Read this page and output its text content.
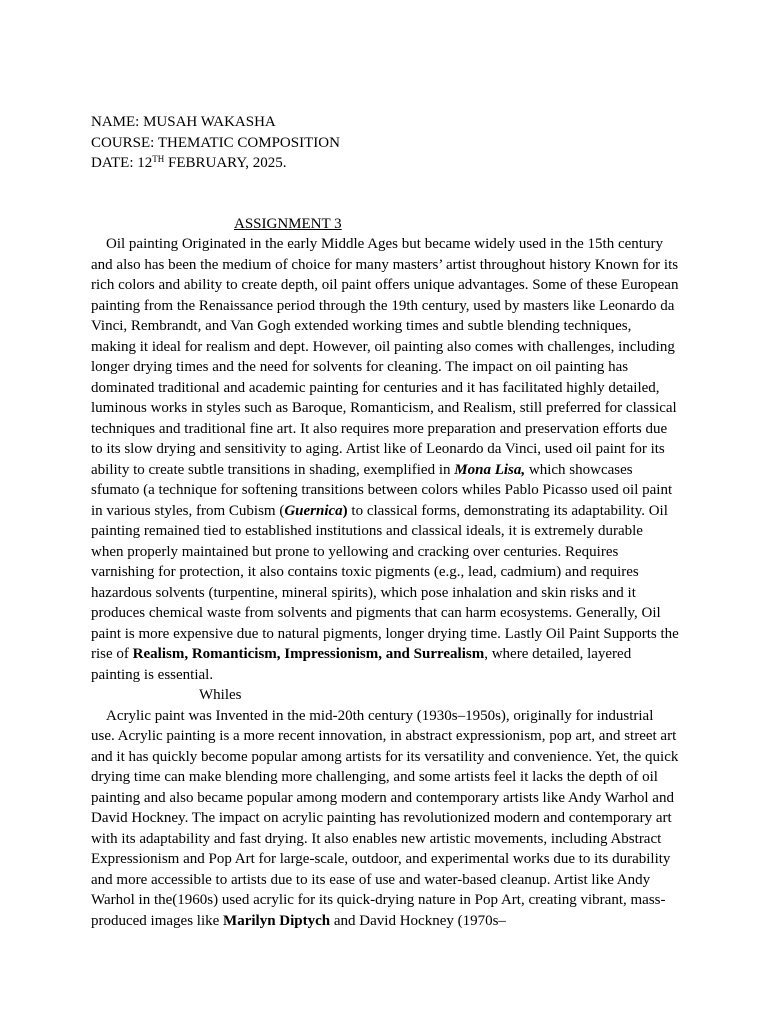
NAME: MUSAH WAKASHA

COURSE: THEMATIC COMPOSITION

DATE: 12TH FEBRUARY, 2025.

ASSIGNMENT 3

Oil painting Originated in the early Middle Ages but became widely used in the 15th century and also has been the medium of choice for many masters’ artist throughout history Known for its rich colors and ability to create depth, oil paint offers unique advantages. Some of these European painting from the Renaissance period through the 19th century, used by masters like Leonardo da Vinci, Rembrandt, and Van Gogh extended working times and subtle blending techniques, making it ideal for realism and dept. However, oil painting also comes with challenges, including longer drying times and the need for solvents for cleaning. The impact on oil painting has dominated traditional and academic painting for centuries and it has facilitated highly detailed, luminous works in styles such as Baroque, Romanticism, and Realism, still preferred for classical techniques and traditional fine art. It also requires more preparation and preservation efforts due to its slow drying and sensitivity to aging. Artist like of Leonardo da Vinci, used oil paint for its ability to create subtle transitions in shading, exemplified in Mona Lisa, which showcases sfumato (a technique for softening transitions between colors whiles Pablo Picasso used oil paint in various styles, from Cubism (Guernica) to classical forms, demonstrating its adaptability. Oil painting remained tied to established institutions and classical ideals, it is extremely durable when properly maintained but prone to yellowing and cracking over centuries. Requires varnishing for protection, it also contains toxic pigments (e.g., lead, cadmium) and requires hazardous solvents (turpentine, mineral spirits), which pose inhalation and skin risks and it produces chemical waste from solvents and pigments that can harm ecosystems. Generally, Oil paint is more expensive due to natural pigments, longer drying time. Lastly Oil Paint Supports the rise of Realism, Romanticism, Impressionism, and Surrealism, where detailed, layered painting is essential.

Whiles

Acrylic paint was Invented in the mid-20th century (1930s–1950s), originally for industrial use. Acrylic painting is a more recent innovation, in abstract expressionism, pop art, and street art and it has quickly become popular among artists for its versatility and convenience. Yet, the quick drying time can make blending more challenging, and some artists feel it lacks the depth of oil painting and also became popular among modern and contemporary artists like Andy Warhol and David Hockney. The impact on acrylic painting has revolutionized modern and contemporary art with its adaptability and fast drying. It also enables new artistic movements, including Abstract Expressionism and Pop Art for large-scale, outdoor, and experimental works due to its durability and more accessible to artists due to its ease of use and water-based cleanup. Artist like Andy Warhol in the(1960s) used acrylic for its quick-drying nature in Pop Art, creating vibrant, mass-produced images like Marilyn Diptych and David Hockney (1970s–
